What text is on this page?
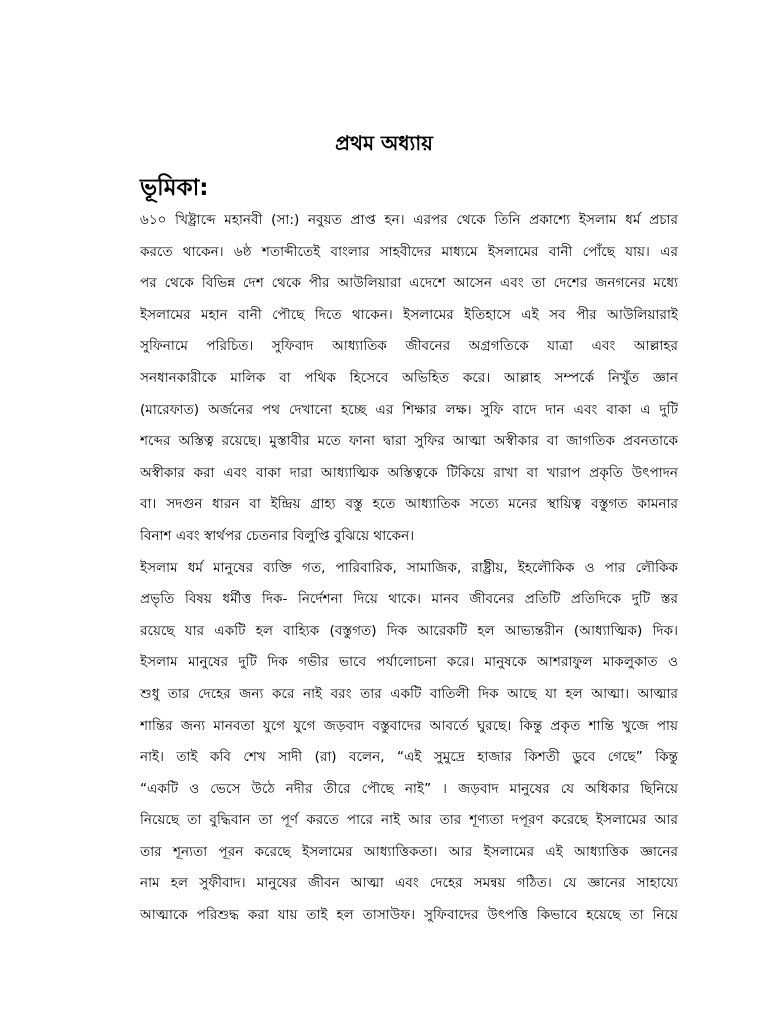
প্রথম অধ্যায়
ভূমিকা:
৬১০ খিষ্ট্রাব্দে মহানবী (সা:) নবুয়ত প্রাপ্ত হন। এরপর থেকে তিনি প্রকাশ্যে ইসলাম ধর্ম প্রচার
করতে থাকেন। ৬ষ্ঠ শতাব্দীতেই বাংলার সাহবীদের মাধ্যমে ইসলামের বানী পোঁছে যায়। এর
পর থেকে বিভিন্ন দেশ থেকে পীর আউলিয়ারা এদেশে আসেন এবং তা দেশের জনগনের মধ্যে
ইসলামের মহান বানী পৌছে দিতে থাকেন। ইসলামের ইতিহাসে এই সব পীর আউলিয়ারাই
সুফিনামে পরিচিত। সুফিবাদ আধ্যাতিক জীবনের অগ্রগতিকে যাত্রা এবং আল্লাহর
সনধানকারীকে মালিক বা পথিক হিসেবে অভিহিত করে। আল্লাহ সম্পর্কে নিখুঁত জ্ঞান
(মারেফাত) অর্জনের পথ দেখানো হচ্ছে এর শিক্ষার লক্ষ। সুফি বাদে দান এবং বাকা এ দুটি
শব্দের অস্তিত্ব রয়েছে। মুস্তাবীর মতে ফানা দ্বারা সুফির আত্মা অস্বীকার বা জাগতিক প্রবনতাকে
অস্বীকার করা এবং বাকা দারা আধ্যাত্মিক অস্তিত্বকে টিকিয়ে রাখা বা খারাপ প্রকৃতি উৎপাদন
বা। সদগুন ধারন বা ইন্দ্রিয় গ্রাহ্য বস্তু হতে আধ্যাতিক সত্যে মনের স্থায়িত্ব বস্তুগত কামনার
বিনাশ এবং স্বার্থপর চেতনার বিলুপ্তি বুঝিয়ে থাকেন।
ইসলাম ধর্ম মানুষের ব্যক্তি গত, পারিবারিক, সামাজিক, রাষ্ট্রীয়, ইহলৌকিক ও পার লৌকিক
প্রভৃতি বিষয় ধর্মীত্ত দিক- নির্দেশনা দিয়ে থাকে। মানব জীবনের প্রতিটি প্রতিদিকে দুটি স্তর
রয়েছে যার একটি হল বাহ্যিক (বস্তুগত) দিক আরেকটি হল আভ্যন্তরীন (আধ্যাত্মিক) দিক।
ইসলাম মানুষের দুটি দিক গভীর ভাবে পর্যালোচনা করে। মানুষকে আশরাফুল মাকলুকাত ও
শুধু তার দেহের জন্য করে নাই বরং তার একটি বাতিলী দিক আছে যা হল আত্মা। আত্মার
শান্তির জন্য মানবতা যুগে যুগে জড়বাদ বস্তুবাদের আবর্তে ঘুরছে। কিন্তু প্রকৃত শান্তি খুজে পায়
নাই। তাই কবি শেখ সাদী (রা) বলেন, “এই সুমুদ্রে হাজার কিশতী ডুবে গেছে” কিন্তু
“একটি ও ভেসে উঠে নদীর তীরে পৌছে নাই” । জড়বাদ মানুষের যে অধিকার ছিনিয়ে
নিয়েছে তা বুদ্ধিবান তা পূর্ণ করতে পারে নাই আর তার শূণ্যতা দপূরণ করেছে ইসলামের আর
তার শূন্যতা পূরন করেছে ইসলামের আধ্যাত্তিকতা। আর ইসলামের এই আধ্যাত্তিক জ্ঞানের
নাম হল সুফীবাদ। মানুষের জীবন আত্মা এবং দেহের সমন্বয় গঠিত। যে জ্ঞানের সাহায্যে
আত্মাকে পরিশুদ্ধ করা যায় তাই হল তাসাউফ। সুফিবাদের উৎপত্তি কিভাবে হয়েছে তা নিয়ে
